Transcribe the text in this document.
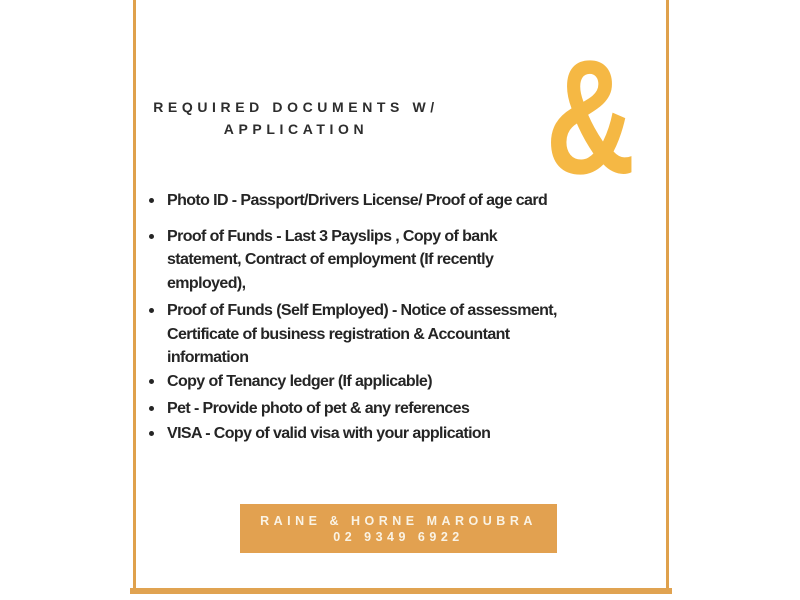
REQUIRED DOCUMENTS W/
APPLICATION	&
Photo ID - Passport/Drivers License/ Proof of age card
Proof of Funds - Last 3 Payslips , Copy of bank
statement, Contract of employment (If recently
employed),
Proof of Funds (Self Employed) - Notice of assessment,
Certificate of business registration & Accountant
information
Copy of Tenancy ledger (If applicable)
Pet - Provide photo of pet & any references
VISA - Copy of valid visa with your application
RAINE & HORNE MAROUBRA
02 9349 6922
